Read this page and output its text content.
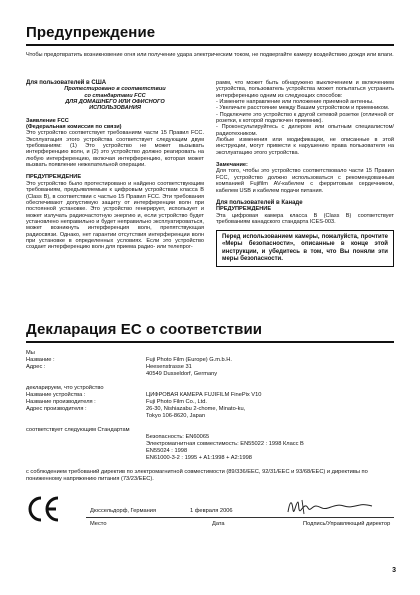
Предупреждение
Чтобы предотвратить возникновение огня или получение удара электрическим током, не подвергайте камеру воздействию дождя или влаги.

Для пользователей в США

Протестировано в соответствии

со стандартами FCC

ДЛЯ ДОМАШНЕГО ИЛИ ОФИСНОГО

ИСПОЛЬЗОВАНИЯ

Заявление FCC

(Федеральная комиссия по связи)

Это устройство соответствует требованиям части 15 Правил FCC. Эксплуатация этого устройства соответствует следующим двум требованиям: (1) Это устройство не может вызывать интерференцию волн, и (2) это устройство должно реагировать на любую интерференцию, включая интерференцию, которая может вызвать появление нежелательной операции.

ПРЕДУПРЕЖДЕНИЕ

Это устройство было протестировано и найдено соответствующим требованиям, предъявляемым к цифровым устройствам класса В (Class B), в соответствии с частью 15 Правил FCC. Эти требования обеспечивают допустимую защиту от интерференции волн при постоянной установке. Это устройство генерирует, использует и может излучать радиочастотную энергию и, если устройство будет установлено неправильно и будет неправильно эксплуатироваться, может возникнуть интерференция волн, препятствующая радиосвязи. Однако, нет гарантии отсутствия интерференции волн при установке в определенных условиях. Если это устройство создает интерференцию волн для приема радио- или телепрог-

рамм, что может быть обнаружено выключением и включением устройства, пользователь устройства может попытаться устранить интерференцию одним из следующих способов:

- Измените направление или положение приемной антенны.

- Увеличьте расстояние между Вашим устройством и приемником.

- Подключите это устройство к другой сетевой розетке (отличной от розетки, к которой подключен приемник).

- Проконсультируйтесь с дилером или опытным специалистом/радиотехником.

Любые изменения или модификации, не описанные в этой инструкции, могут привести к нарушению права пользователя на эксплуатацию этого устройства.

Замечание:

Для того, чтобы это устройство соответствовало части 15 Правил FCC, устройство должно использоваться с рекомендованным компанией Fujifilm AV-кабелем с ферритовым сердечником, кабелем USB и кабелем подачи питания.

Для пользователей в Канаде

ПРЕДУПРЕЖДЕНИЕ

Эта цифровая камера класса В (Class B) соответствует требованиям канадского стандарта ICES-003.

Перед использованием камеры, пожалуйста, прочтите «Меры безопасности», описанные в конце этой инструкции, и убедитесь в том, что Вы поняли эти меры безопасности.
Декларация ЕС о соответствии
Мы
Название :	Fuji Photo Film (Europe) G.m.b.H.
Адрес :	Heesenstrasse 31
40549 Dusseldorf, Germany
декларируем, что устройство
Название устройства :	ЦИФРОВАЯ КАМЕРА FUJIFILM FinePix V10
Название производителя :	Fuji Photo Film Co., Ltd.
Адрес производителя :	26-30, Nishiazabu 2-chome, Minato-ku,
Tokyo 106-8620, Japan
соответствует следующим Стандартам
Безопасность: EN60065
Электромагнитная совместимость: EN55022 : 1998 Класс B
EN55024 : 1998
EN61000-3-2 : 1995 + A1:1998 + A2:1998
с соблюдением требований директив по электромагнитной совместимости (89/336/EEC, 92/31/EEC и 93/68/EEC) и директивы по пониженному напряжению питания (73/23/EEC).
Дюссельдорф, Германия	1 февраля 2006
Место	Дата	Подпись/Управляющий директор
3
